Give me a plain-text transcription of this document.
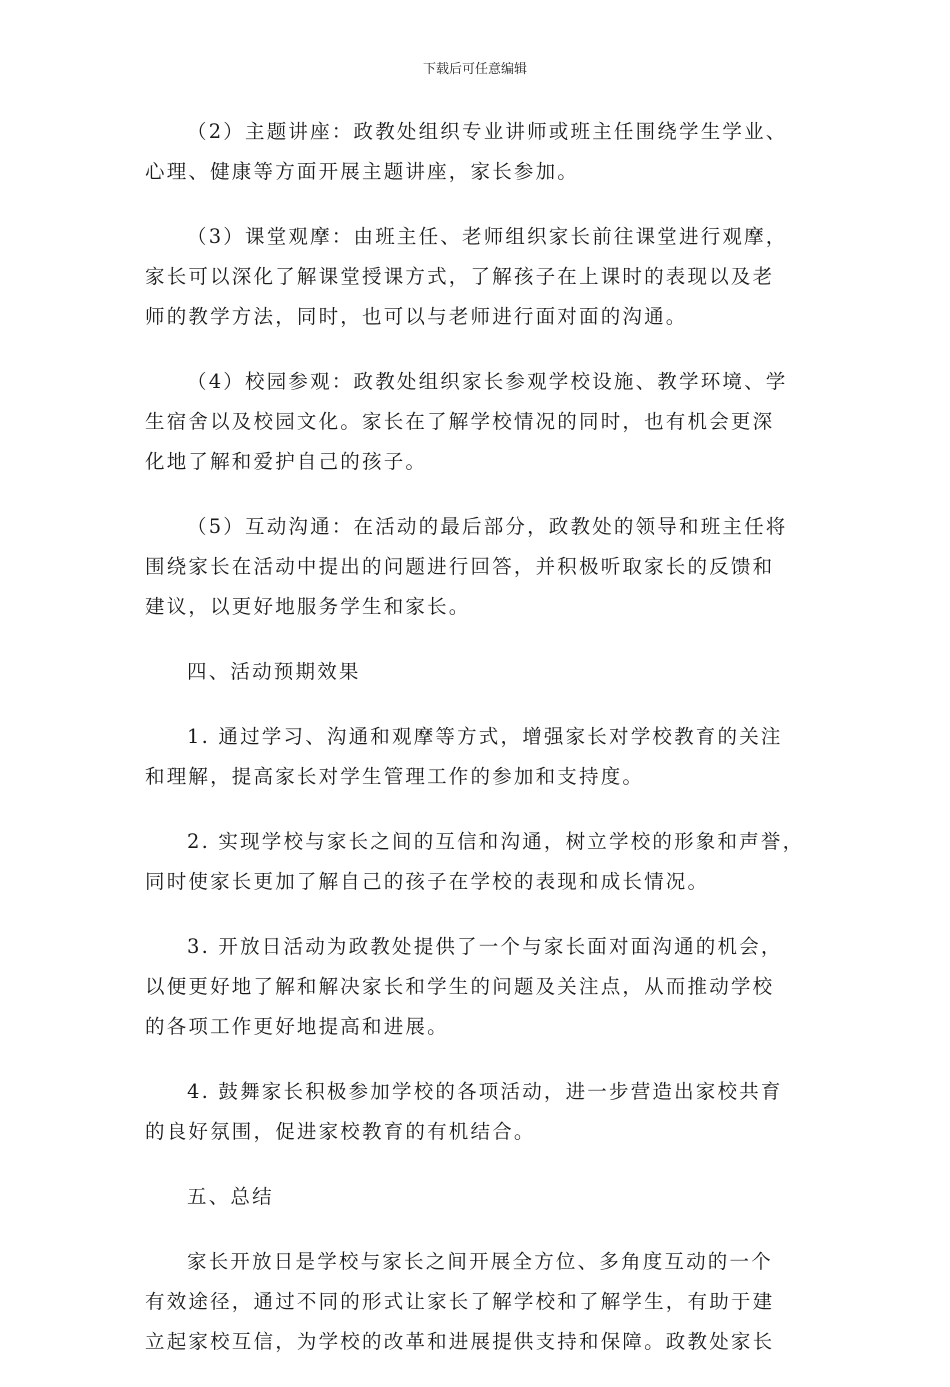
下载后可任意编辑
（2）主题讲座：政教处组织专业讲师或班主任围绕学生学业、
心理、健康等方面开展主题讲座，家长参加。
（3）课堂观摩：由班主任、老师组织家长前往课堂进行观摩，
家长可以深化了解课堂授课方式，了解孩子在上课时的表现以及老
师的教学方法，同时，也可以与老师进行面对面的沟通。
（4）校园参观：政教处组织家长参观学校设施、教学环境、学
生宿舍以及校园文化。家长在了解学校情况的同时，也有机会更深
化地了解和爱护自己的孩子。
（5）互动沟通：在活动的最后部分，政教处的领导和班主任将
围绕家长在活动中提出的问题进行回答，并积极听取家长的反馈和
建议，以更好地服务学生和家长。
四、活动预期效果
1. 通过学习、沟通和观摩等方式，增强家长对学校教育的关注
和理解，提高家长对学生管理工作的参加和支持度。
2. 实现学校与家长之间的互信和沟通，树立学校的形象和声誉，
同时使家长更加了解自己的孩子在学校的表现和成长情况。
3. 开放日活动为政教处提供了一个与家长面对面沟通的机会，
以便更好地了解和解决家长和学生的问题及关注点，从而推动学校
的各项工作更好地提高和进展。
4. 鼓舞家长积极参加学校的各项活动，进一步营造出家校共育
的良好氛围，促进家校教育的有机结合。
五、总结
家长开放日是学校与家长之间开展全方位、多角度互动的一个
有效途径，通过不同的形式让家长了解学校和了解学生，有助于建
立起家校互信，为学校的改革和进展提供支持和保障。政教处家长
